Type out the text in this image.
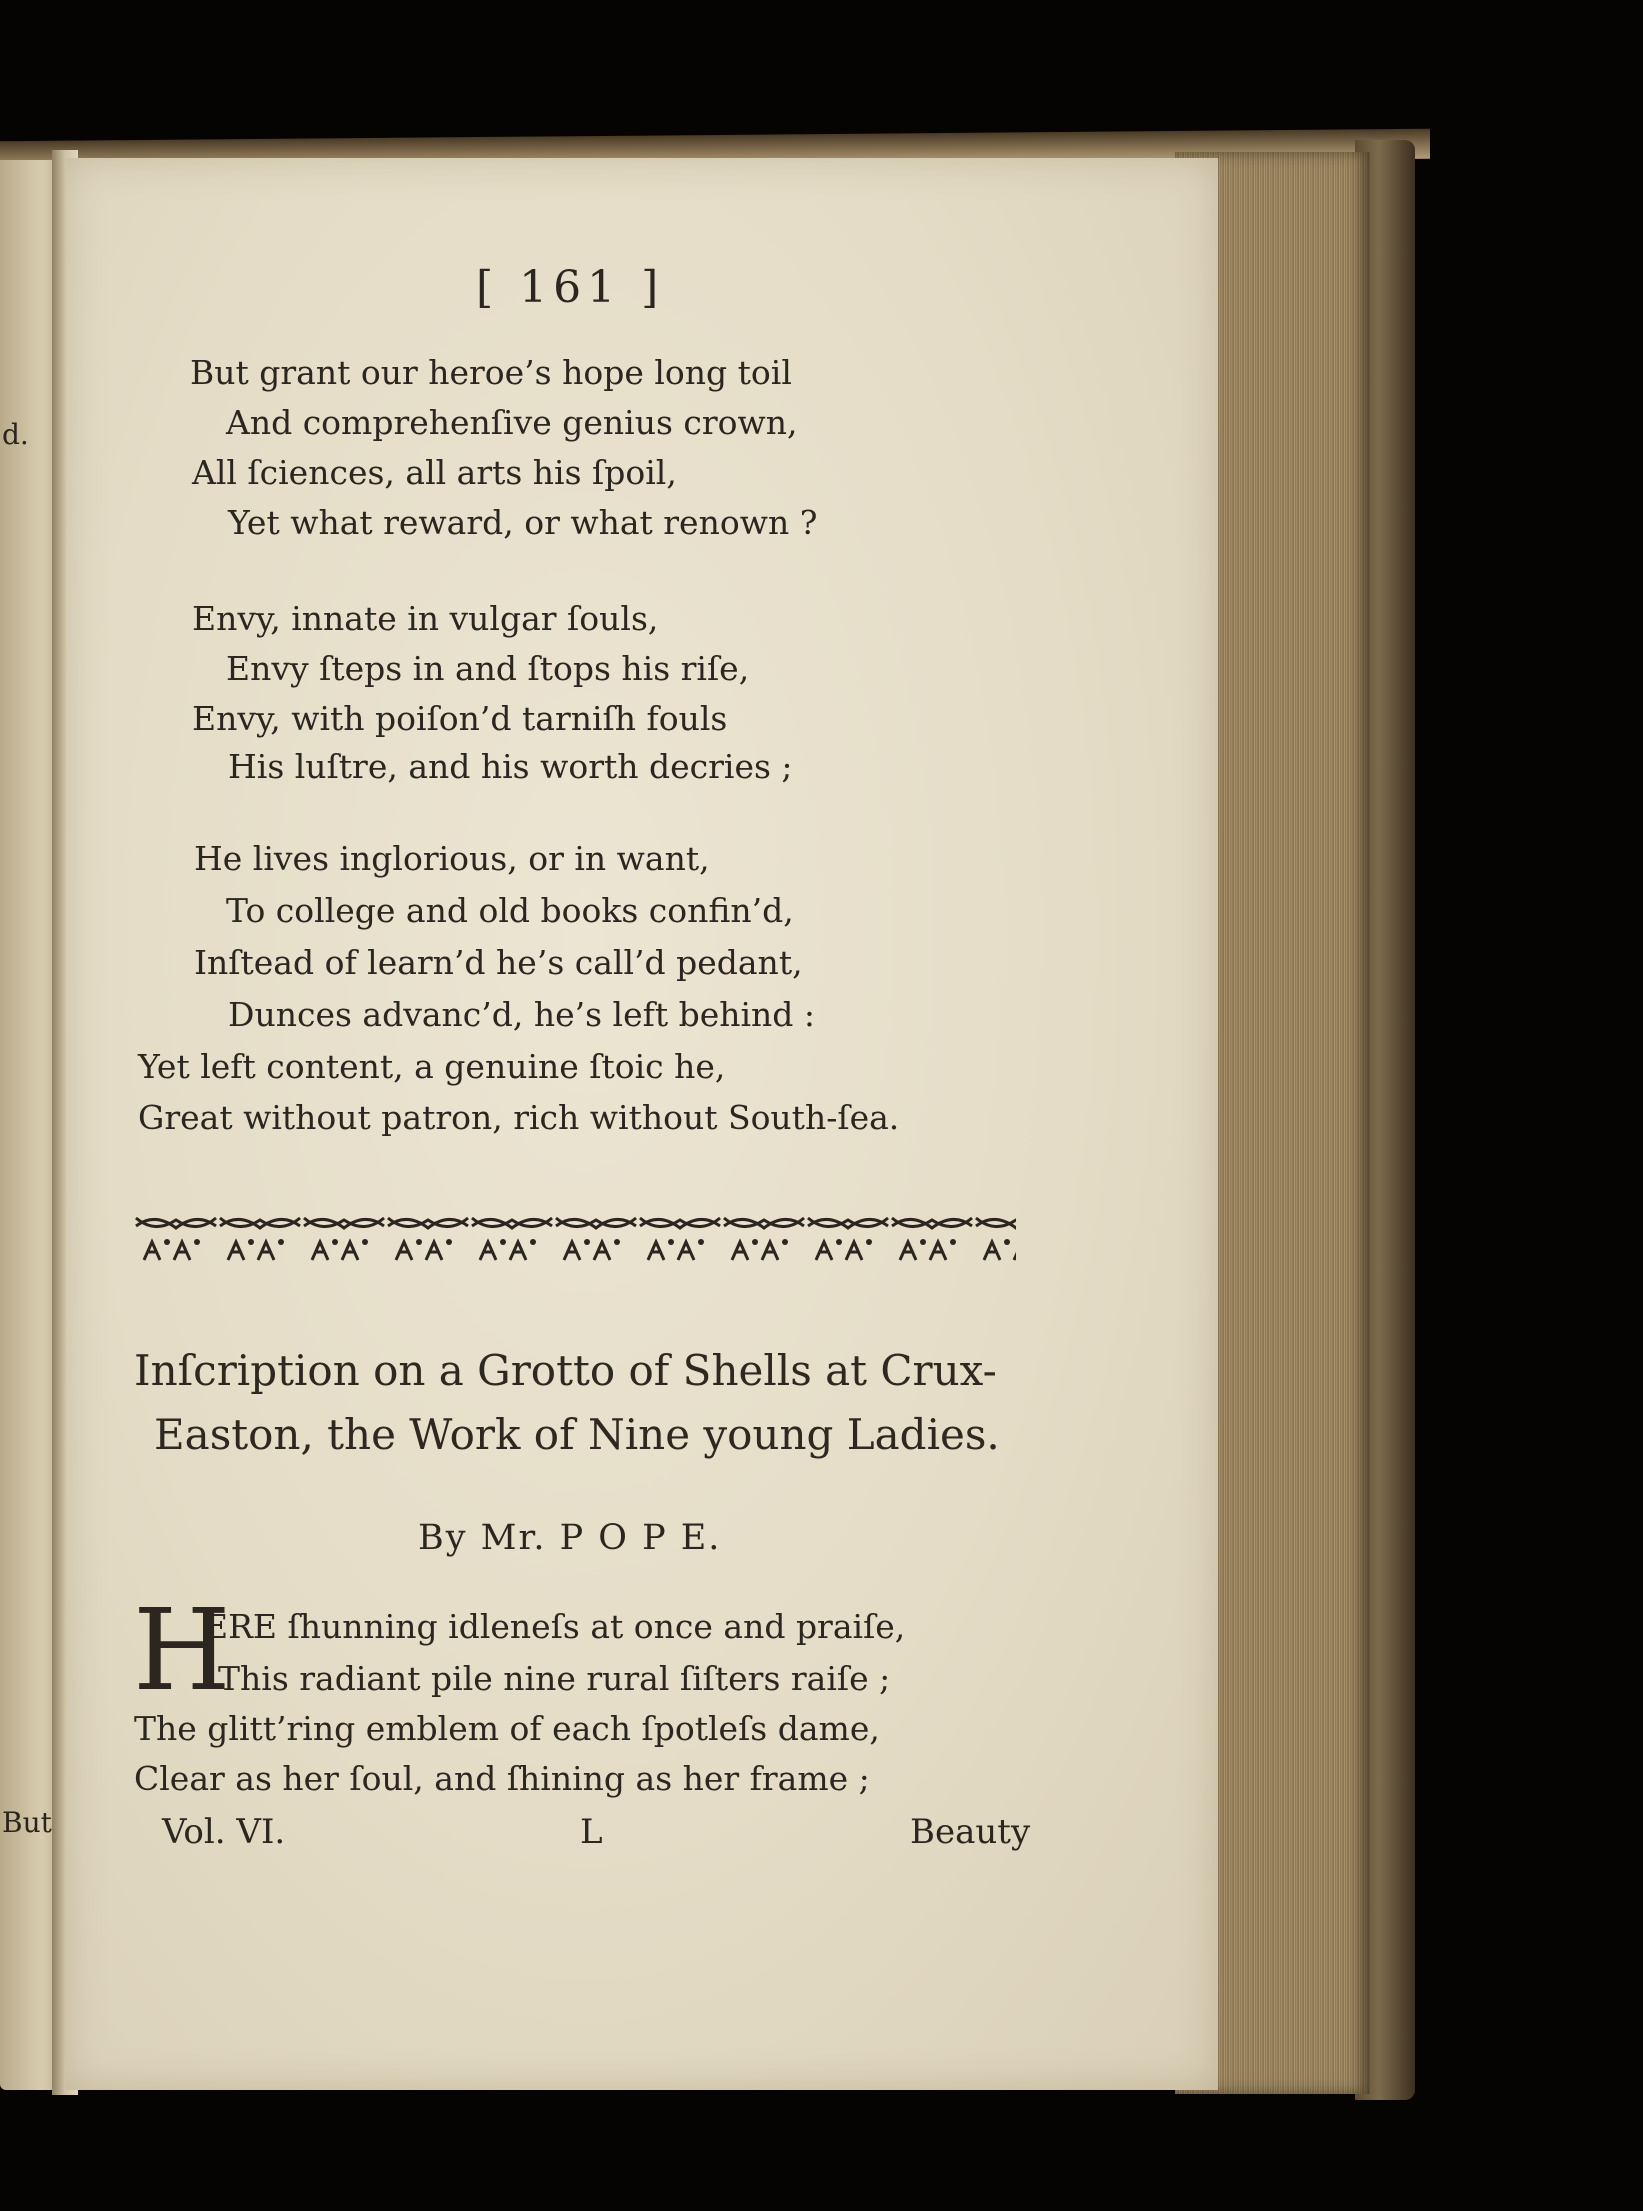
d.
But
[ 161 ]
But grant our heroe’s hope long toil
And comprehenſive genius crown,
All ſciences, all arts his ſpoil,
Yet what reward, or what renown ?
Envy, innate in vulgar ſouls,
Envy ſteps in and ſtops his riſe,
Envy, with poiſon’d tarniſh fouls
His luſtre, and his worth decries ;
He lives inglorious, or in want,
To college and old books confin’d,
Inſtead of learn’d he’s call’d pedant,
Dunces advanc’d, he’s left behind :
Yet left content, a genuine ſtoic he,
Great without patron, rich without South-ſea.
Inſcription on a Grotto of Shells at Crux-
Easton, the Work of Nine young Ladies.
By Mr. P O P E.
H
ERE ſhunning idleneſs at once and praiſe,
This radiant pile nine rural ſiſters raiſe ;
The glitt’ring emblem of each ſpotleſs dame,
Clear as her ſoul, and ſhining as her frame ;
Vol. VI.	L	Beauty
